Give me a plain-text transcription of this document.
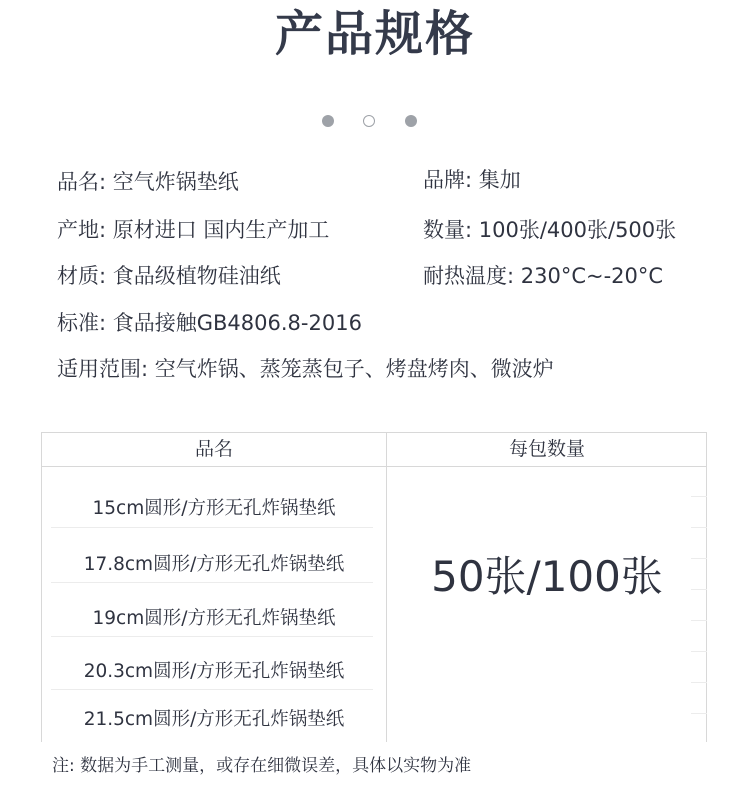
产品规格
品名: 空气炸锅垫纸	品牌: 集加
产地: 原材进口 国内生产加工	数量: 100张/400张/500张
材质: 食品级植物硅油纸	耐热温度: 230°C~-20°C
标准: 食品接触GB4806.8-2016
适用范围: 空气炸锅、蒸笼蒸包子、烤盘烤肉、微波炉
品名	每包数量
15cm圆形/方形无孔炸锅垫纸
17.8cm圆形/方形无孔炸锅垫纸
19cm圆形/方形无孔炸锅垫纸
20.3cm圆形/方形无孔炸锅垫纸
21.5cm圆形/方形无孔炸锅垫纸
50张/100张
注: 数据为手工测量，或存在细微误差，具体以实物为准
